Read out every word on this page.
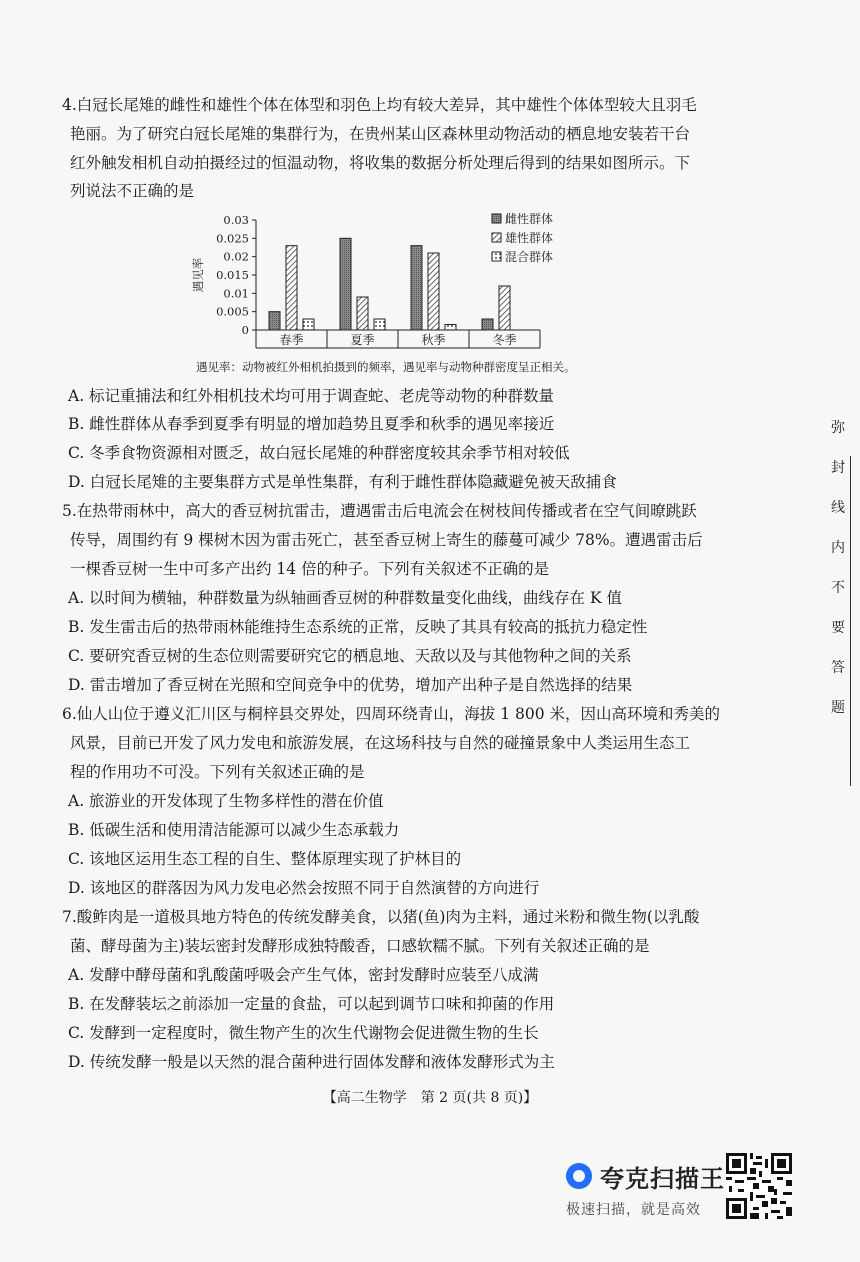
4.白冠长尾雉的雌性和雄性个体在体型和羽色上均有较大差异，其中雄性个体体型较大且羽毛
艳丽。为了研究白冠长尾雉的集群行为，在贵州某山区森林里动物活动的栖息地安装若干台
红外触发相机自动拍摄经过的恒温动物，将收集的数据分析处理后得到的结果如图所示。下
列说法不正确的是
0.03
0.025
0.02
0.015
0.01
0.005
0
遇见率
春季	夏季	秋季	冬季
雌性群体
雄性群体
混合群体
遇见率：动物被红外相机拍摄到的频率，遇见率与动物种群密度呈正相关。
A. 标记重捕法和红外相机技术均可用于调查蛇、老虎等动物的种群数量
B. 雌性群体从春季到夏季有明显的增加趋势且夏季和秋季的遇见率接近
C. 冬季食物资源相对匮乏，故白冠长尾雉的种群密度较其余季节相对较低
D. 白冠长尾雉的主要集群方式是单性集群，有利于雌性群体隐藏避免被天敌捕食
5.在热带雨林中，高大的香豆树抗雷击，遭遇雷击后电流会在树枝间传播或者在空气间暸跳跃
传导，周围约有 9 棵树木因为雷击死亡，甚至香豆树上寄生的藤蔓可减少 78%。遭遇雷击后
一棵香豆树一生中可多产出约 14 倍的种子。下列有关叙述不正确的是
A. 以时间为横轴，种群数量为纵轴画香豆树的种群数量变化曲线，曲线存在 K 值
B. 发生雷击后的热带雨林能维持生态系统的正常，反映了其具有较高的抵抗力稳定性
C. 要研究香豆树的生态位则需要研究它的栖息地、天敌以及与其他物种之间的关系
D. 雷击增加了香豆树在光照和空间竞争中的优势，增加产出种子是自然选择的结果
6.仙人山位于遵义汇川区与桐梓县交界处，四周环绕青山，海拔 1 800 米，因山高环境和秀美的
风景，目前已开发了风力发电和旅游发展，在这场科技与自然的碰撞景象中人类运用生态工
程的作用功不可没。下列有关叙述正确的是
A. 旅游业的开发体现了生物多样性的潜在价值
B. 低碳生活和使用清洁能源可以减少生态承载力
C. 该地区运用生态工程的自生、整体原理实现了护林目的
D. 该地区的群落因为风力发电必然会按照不同于自然演替的方向进行
7.酸鲊肉是一道极具地方特色的传统发酵美食，以猪(鱼)肉为主料，通过米粉和微生物(以乳酸
菌、酵母菌为主)装坛密封发酵形成独特酸香，口感软糯不腻。下列有关叙述正确的是
A. 发酵中酵母菌和乳酸菌呼吸会产生气体，密封发酵时应装至八成满
B. 在发酵装坛之前添加一定量的食盐，可以起到调节口味和抑菌的作用
C. 发酵到一定程度时，微生物产生的次生代谢物会促进微生物的生长
D. 传统发酵一般是以天然的混合菌种进行固体发酵和液体发酵形式为主
弥
封
线
内
不
要
答
题
【高二生物学　第 2 页(共 8 页)】
夸克扫描王
极速扫描，就是高效
